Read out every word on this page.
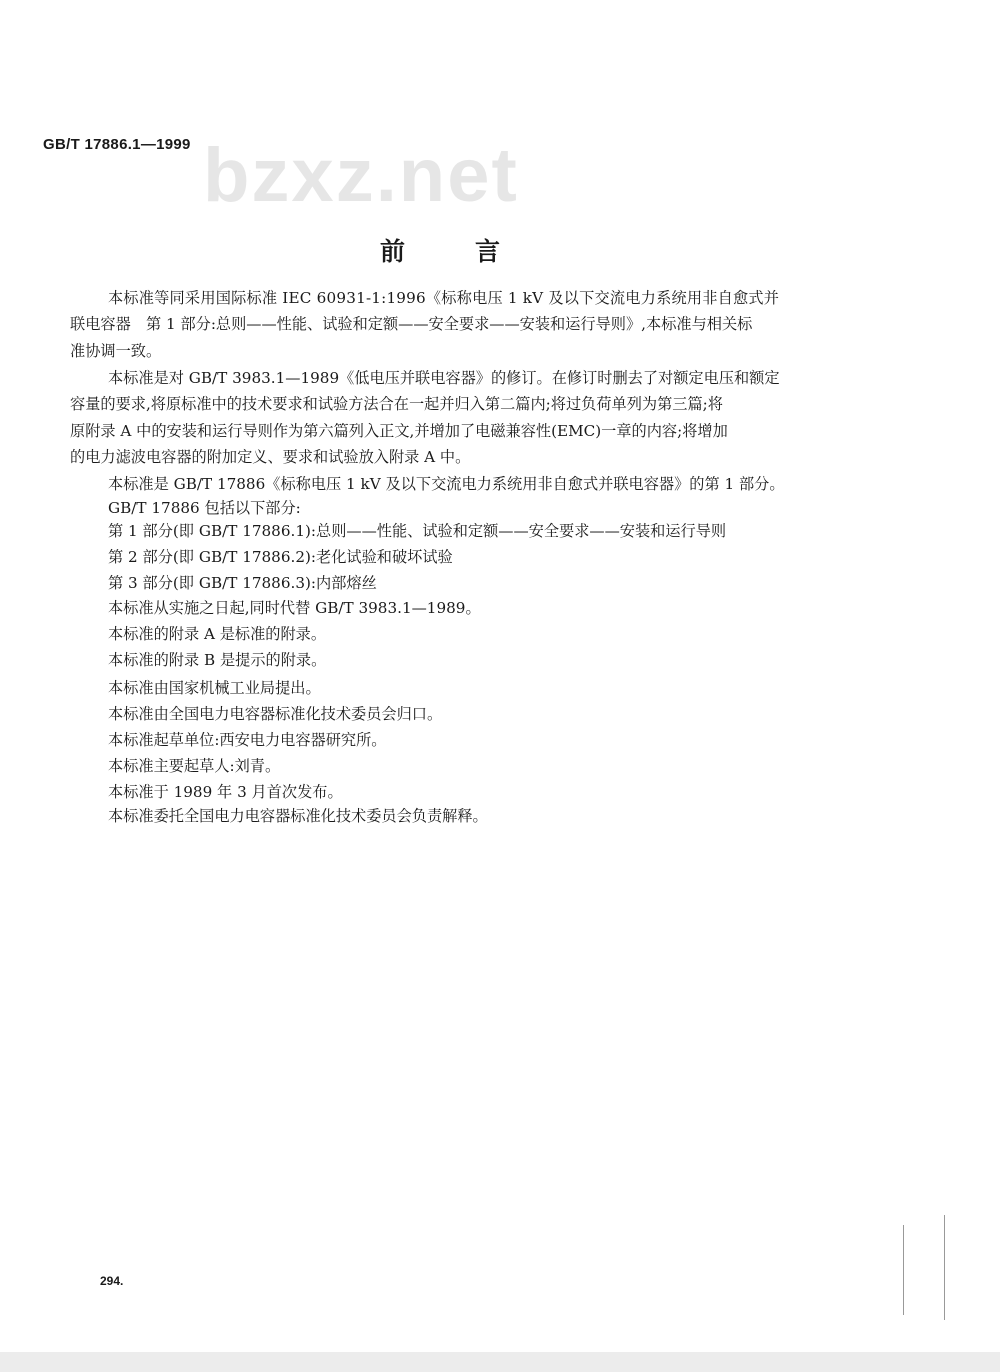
GB/T 17886.1—1999 bzxz.net
前言
本标准等同采用国际标准 IEC 60931-1:1996《标称电压 1 kV 及以下交流电力系统用非自愈式并
联电容器　第 1 部分:总则——性能、试验和定额——安全要求——安装和运行导则》,本标准与相关标
准协调一致。
本标准是对 GB/T 3983.1—1989《低电压并联电容器》的修订。在修订时删去了对额定电压和额定
容量的要求,将原标准中的技术要求和试验方法合在一起并归入第二篇内;将过负荷单列为第三篇;将
原附录 A 中的安装和运行导则作为第六篇列入正文,并增加了电磁兼容性(EMC)一章的内容;将增加
的电力滤波电容器的附加定义、要求和试验放入附录 A 中。
本标准是 GB/T 17886《标称电压 1 kV 及以下交流电力系统用非自愈式并联电容器》的第 1 部分。
GB/T 17886 包括以下部分:
第 1 部分(即 GB/T 17886.1):总则——性能、试验和定额——安全要求——安装和运行导则
第 2 部分(即 GB/T 17886.2):老化试验和破坏试验
第 3 部分(即 GB/T 17886.3):内部熔丝
本标准从实施之日起,同时代替 GB/T 3983.1—1989。
本标准的附录 A 是标准的附录。
本标准的附录 B 是提示的附录。
本标准由国家机械工业局提出。
本标准由全国电力电容器标准化技术委员会归口。
本标准起草单位:西安电力电容器研究所。
本标准主要起草人:刘青。
本标准于 1989 年 3 月首次发布。
本标准委托全国电力电容器标准化技术委员会负责解释。
294.
